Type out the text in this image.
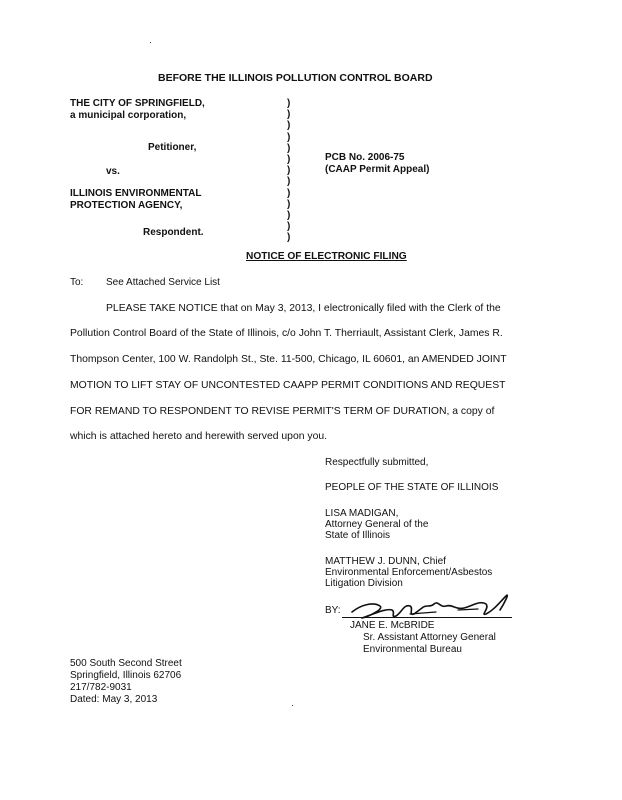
BEFORE THE ILLINOIS POLLUTION CONTROL BOARD
THE CITY OF SPRINGFIELD,
a municipal corporation,
Petitioner,
vs.
ILLINOIS ENVIRONMENTAL
PROTECTION AGENCY,
Respondent.
)
)
)
)
)
)
)
)
)
)
)
)
)
PCB No. 2006-75
(CAAP Permit Appeal)
NOTICE OF ELECTRONIC FILING
To: See Attached Service List
PLEASE TAKE NOTICE that on May 3, 2013, I electronically filed with the Clerk of the
Pollution Control Board of the State of Illinois, c/o John T. Therriault, Assistant Clerk, James R.
Thompson Center, 100 W. Randolph St., Ste. 11-500, Chicago, IL 60601, an AMENDED JOINT
MOTION TO LIFT STAY OF UNCONTESTED CAAPP PERMIT CONDITIONS AND REQUEST
FOR REMAND TO RESPONDENT TO REVISE PERMIT'S TERM OF DURATION, a copy of
which is attached hereto and herewith served upon you.
Respectfully submitted,
PEOPLE OF THE STATE OF ILLINOIS
LISA MADIGAN,
Attorney General of the
State of Illinois
MATTHEW J. DUNN, Chief
Environmental Enforcement/Asbestos
Litigation Division
BY:
JANE E. McBRIDE
Sr. Assistant Attorney General
Environmental Bureau
500 South Second Street
Springfield, Illinois 62706
217/782-9031
Dated: May 3, 2013
